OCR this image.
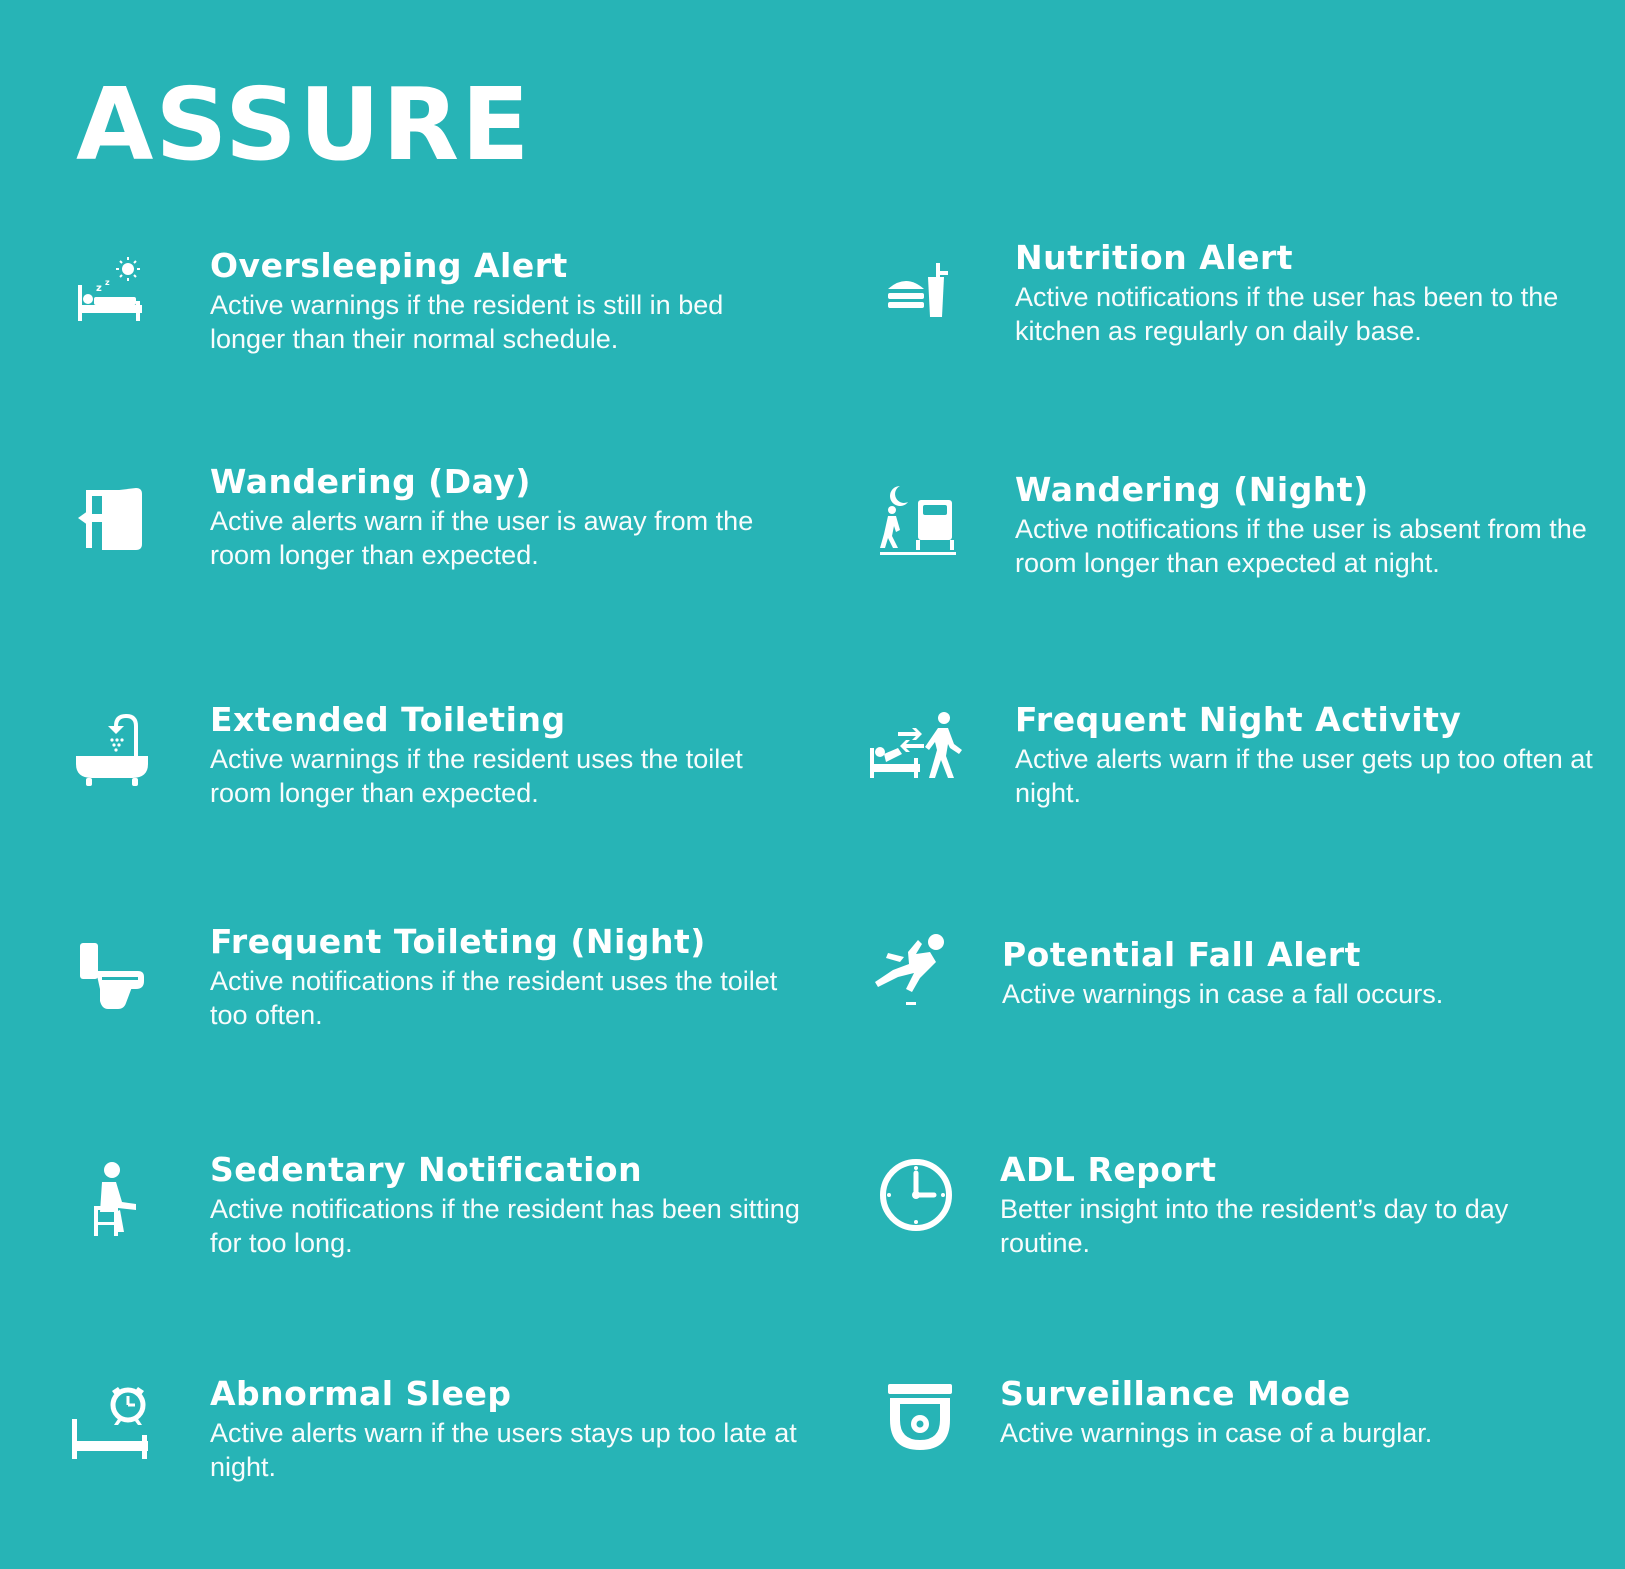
ASSURE
z
z	Oversleeping Alert
Active warnings if the resident is still in bed longer than their normal schedule.
Nutrition Alert
Active notifications if the user has been to the kitchen as regularly on daily base.
Wandering (Day)
Active alerts warn if the user is away from the room longer than expected.
Wandering (Night)
Active notifications if the user is absent from the room longer than expected at night.
Extended Toileting
Active warnings if the resident uses the toilet room longer than expected.
Frequent Night Activity
Active alerts warn if the user gets up too often at night.
Frequent Toileting (Night)
Active notifications if the resident uses the toilet too often.
Potential Fall Alert
Active warnings in case a fall occurs.
Sedentary Notification
Active notifications if the resident has been sitting for too long.
ADL Report
Better insight into the resident’s day to day routine.
Abnormal Sleep
Active alerts warn if the users stays up too late at night.
Surveillance Mode
Active warnings in case of a burglar.
